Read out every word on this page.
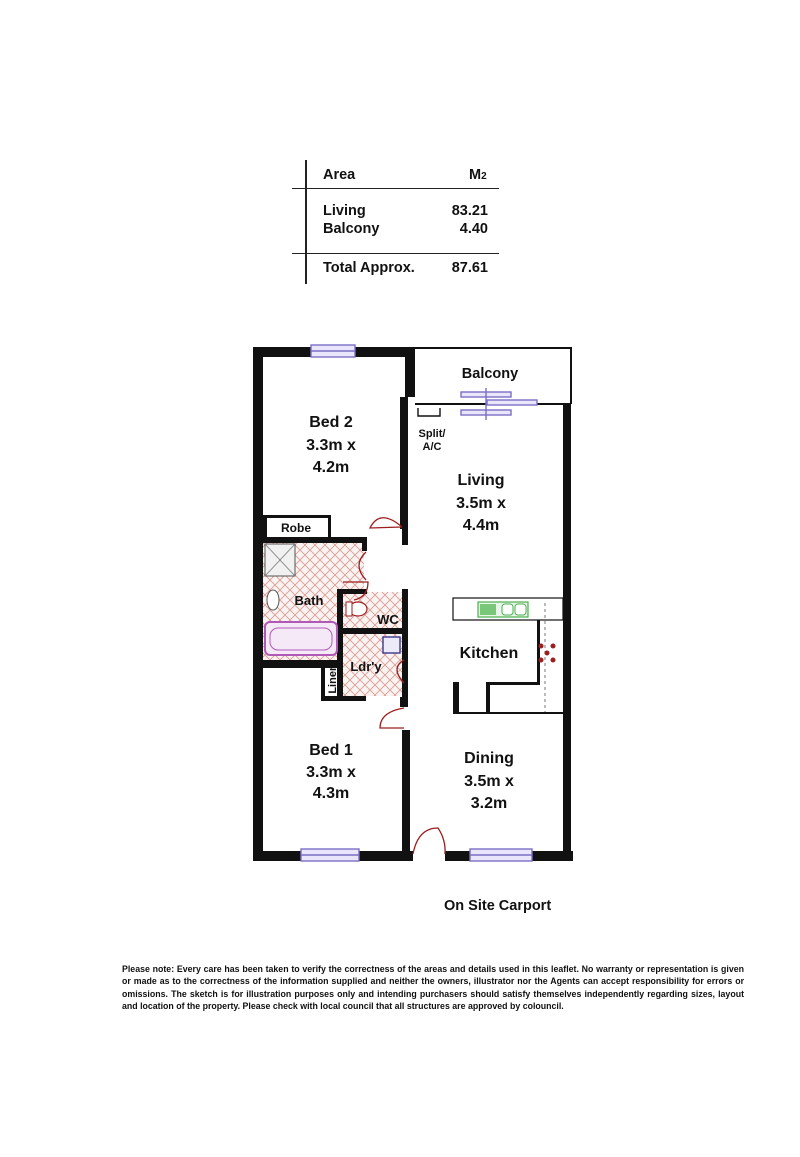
Area	M2
Living	83.21
Balcony	4.40
Total Approx.	87.61
Balcony
Split/
A/C
Bed 2
3.3m x
4.2m
Living
3.5m x
4.4m
Robe
Bath
WC
Ldr'y
Linen
Kitchen
Bed 1
3.3m x
4.3m
Dining
3.5m x
3.2m
On Site Carport
Please note: Every care has been taken to verify the correctness of the areas and details used in this leaflet. No warranty or representation is given or made as to the correctness of the information supplied and neither the owners, illustrator nor the Agents can accept responsibility for errors or omissions. The sketch is for illustration purposes only and intending purchasers should satisfy themselves independently regarding sizes, layout and location of the property. Please check with local council that all structures are approved by colouncil.
